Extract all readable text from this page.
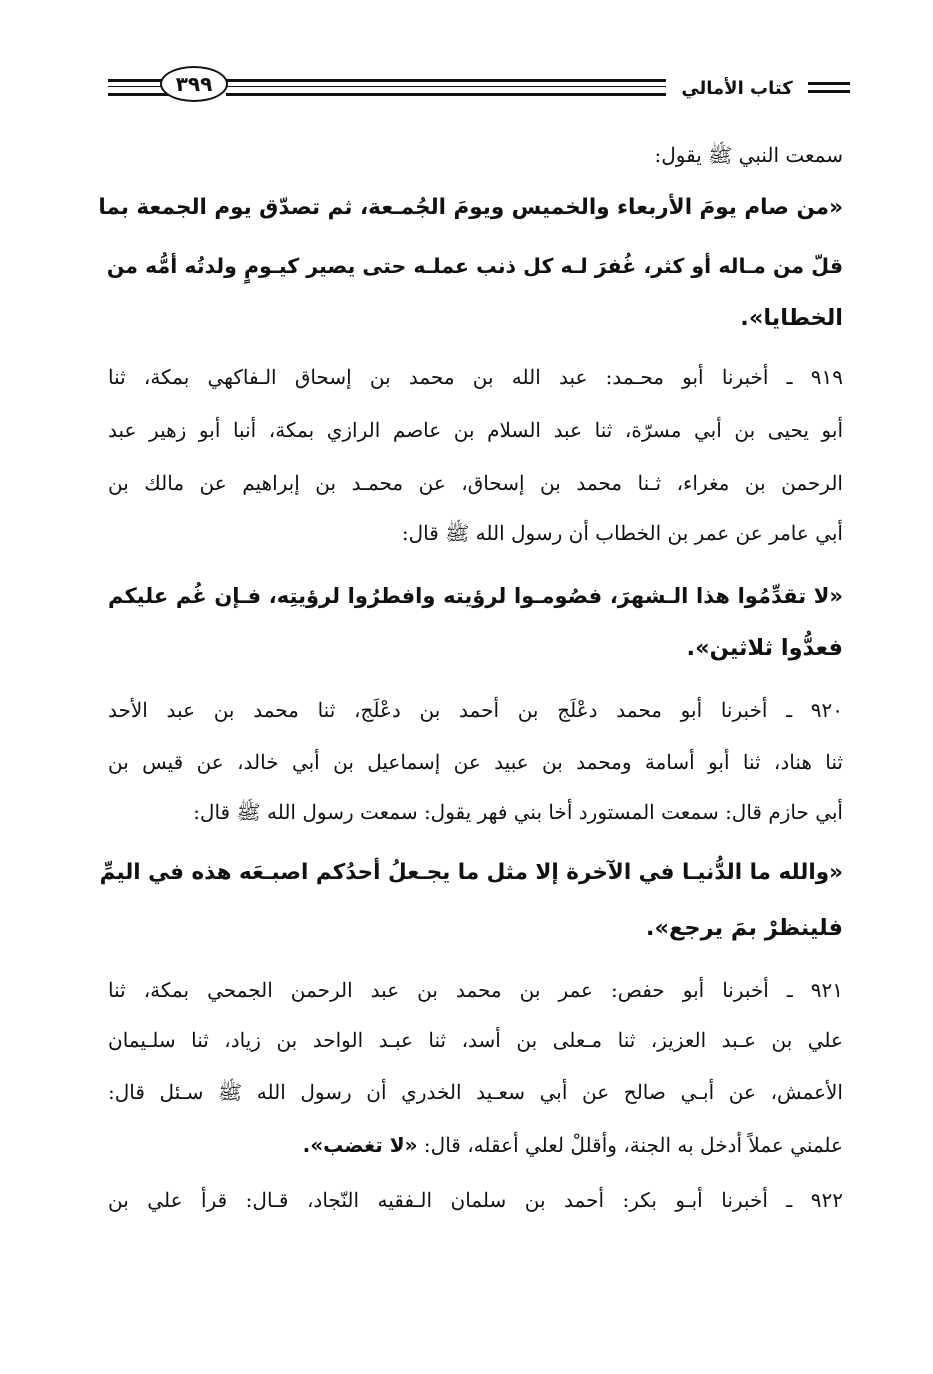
٣٩٩	كتاب الأمالي
سمعت النبي ﷺ يقول:
«من صام يومَ الأربعاء والخميس ويومَ الجُمـعة، ثم تصدّق يوم الجمعة بما
قلّ من مـاله أو كثر، غُفرَ لـه كل ذنب عملـه حتى يصير كيـومٍ ولدتُه أمُّه من
الخطايا».
٩١٩ ـ أخبرنا أبو محـمد: عبد الله بن محمد بن إسحاق الـفاكهي بمكة، ثنا
أبو يحيى بن أبي مسرّة، ثنا عبد السلام بن عاصم الرازي بمكة، أنبا أبو زهير عبد
الرحمن بن مغراء، ثـنا محمد بن إسحاق، عن محمـد بن إبراهيم عن مالك بن
أبي عامر عن عمر بن الخطاب أن رسول الله ﷺ قال:
«لا تقدِّمُوا هذا الـشهرَ، فصُومـوا لرؤيته وافطرُوا لرؤيتِه، فـإن غُم عليكم
فعدُّوا ثلاثين».
٩٢٠ ـ أخبرنا أبو محمد دعْلَج بن أحمد بن دعْلَج، ثنا محمد بن عبد الأحد
ثنا هناد، ثنا أبو أسامة ومحمد بن عبيد عن إسماعيل بن أبي خالد، عن قيس بن
أبي حازم قال: سمعت المستورد أخا بني فهر يقول: سمعت رسول الله ﷺ قال:
«والله ما الدُّنيـا في الآخرة إلا مثل ما يجـعلُ أحدُكم اصبـعَه هذه في اليمِّ
فلينظرْ بمَ يرجع».
٩٢١ ـ أخبرنا أبو حفص: عمر بن محمد بن عبد الرحمن الجمحي بمكة، ثنا
علي بن عـبد العزيز، ثنا مـعلى بن أسد، ثنا عبـد الواحد بن زياد، ثنا سلـيمان
الأعمش، عن أبـي صالح عن أبي سعـيد الخدري أن رسول الله ﷺ سـئل قال:
علمني عملاً أدخل به الجنة، وأقللْ لعلي أعقله، قال: «لا تغضب».
٩٢٢ ـ أخبرنا أبـو بكر: أحمد بن سلمان الـفقيه النّجاد، قـال: قرأ علي بن
